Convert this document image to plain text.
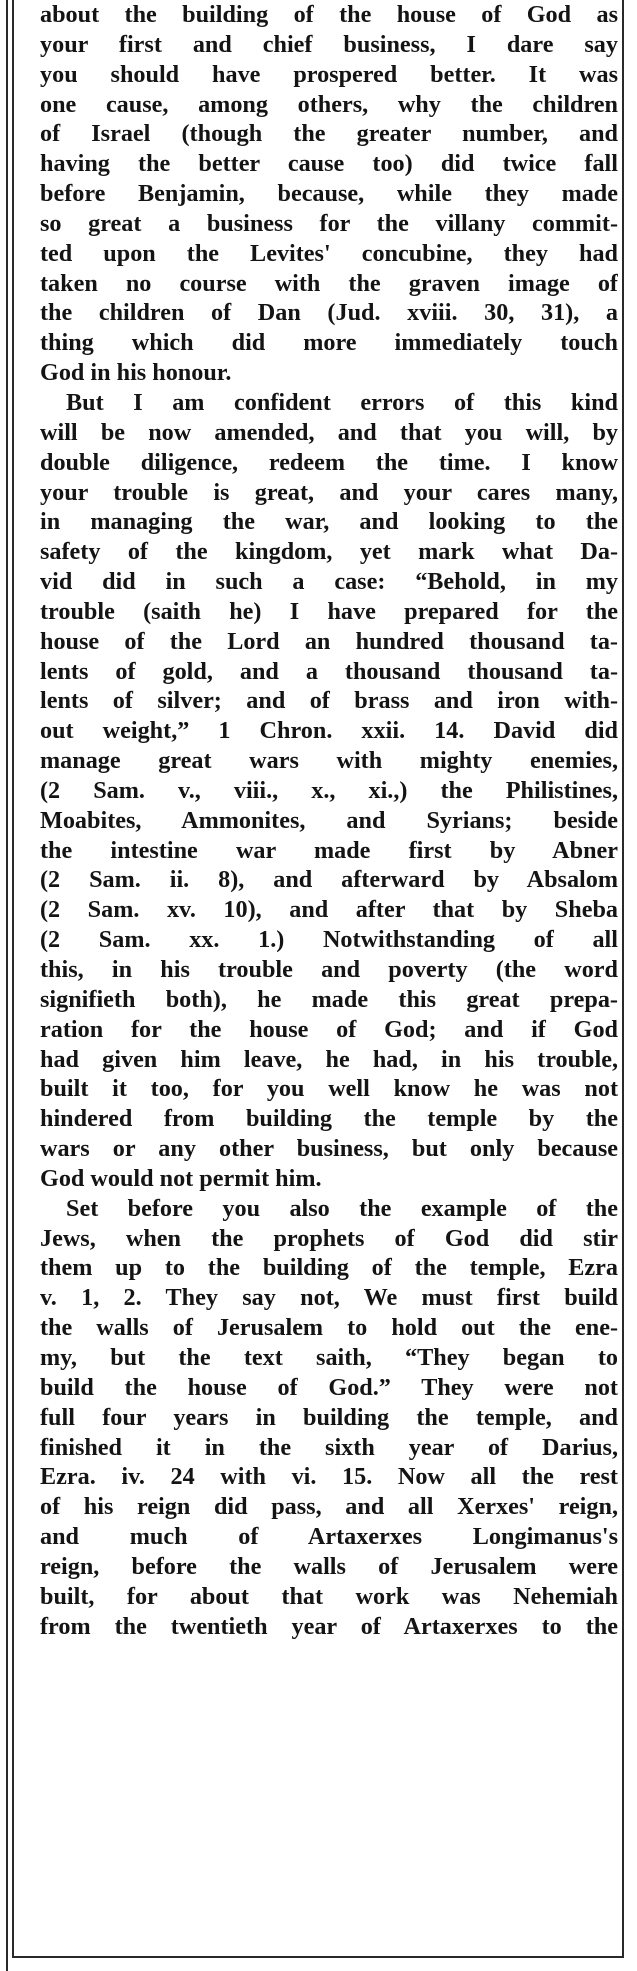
about the building of the house of God as
your first and chief business, I dare say
you should have prospered better. It was
one cause, among others, why the children
of Israel (though the greater number, and
having the better cause too) did twice fall
before Benjamin, because, while they made
so great a business for the villany commit-
ted upon the Levites' concubine, they had
taken no course with the graven image of
the children of Dan (Jud. xviii. 30, 31), a
thing which did more immediately touch
God in his honour.
But I am confident errors of this kind
will be now amended, and that you will, by
double diligence, redeem the time. I know
your trouble is great, and your cares many,
in managing the war, and looking to the
safety of the kingdom, yet mark what Da-
vid did in such a case: “Behold, in my
trouble (saith he) I have prepared for the
house of the Lord an hundred thousand ta-
lents of gold, and a thousand thousand ta-
lents of silver; and of brass and iron with-
out weight,” 1 Chron. xxii. 14. David did
manage great wars with mighty enemies,
(2 Sam. v., viii., x., xi.,) the Philistines,
Moabites, Ammonites, and Syrians; beside
the intestine war made first by Abner
(2 Sam. ii. 8), and afterward by Absalom
(2 Sam. xv. 10), and after that by Sheba
(2 Sam. xx. 1.) Notwithstanding of all
this, in his trouble and poverty (the word
signifieth both), he made this great prepa-
ration for the house of God; and if God
had given him leave, he had, in his trouble,
built it too, for you well know he was not
hindered from building the temple by the
wars or any other business, but only because
God would not permit him.
Set before you also the example of the
Jews, when the prophets of God did stir
them up to the building of the temple, Ezra
v. 1, 2. They say not, We must first build
the walls of Jerusalem to hold out the ene-
my, but the text saith, “They began to
build the house of God.” They were not
full four years in building the temple, and
finished it in the sixth year of Darius,
Ezra. iv. 24 with vi. 15. Now all the rest
of his reign did pass, and all Xerxes' reign,
and much of Artaxerxes Longimanus's
reign, before the walls of Jerusalem were
built, for about that work was Nehemiah
from the twentieth year of Artaxerxes to the
